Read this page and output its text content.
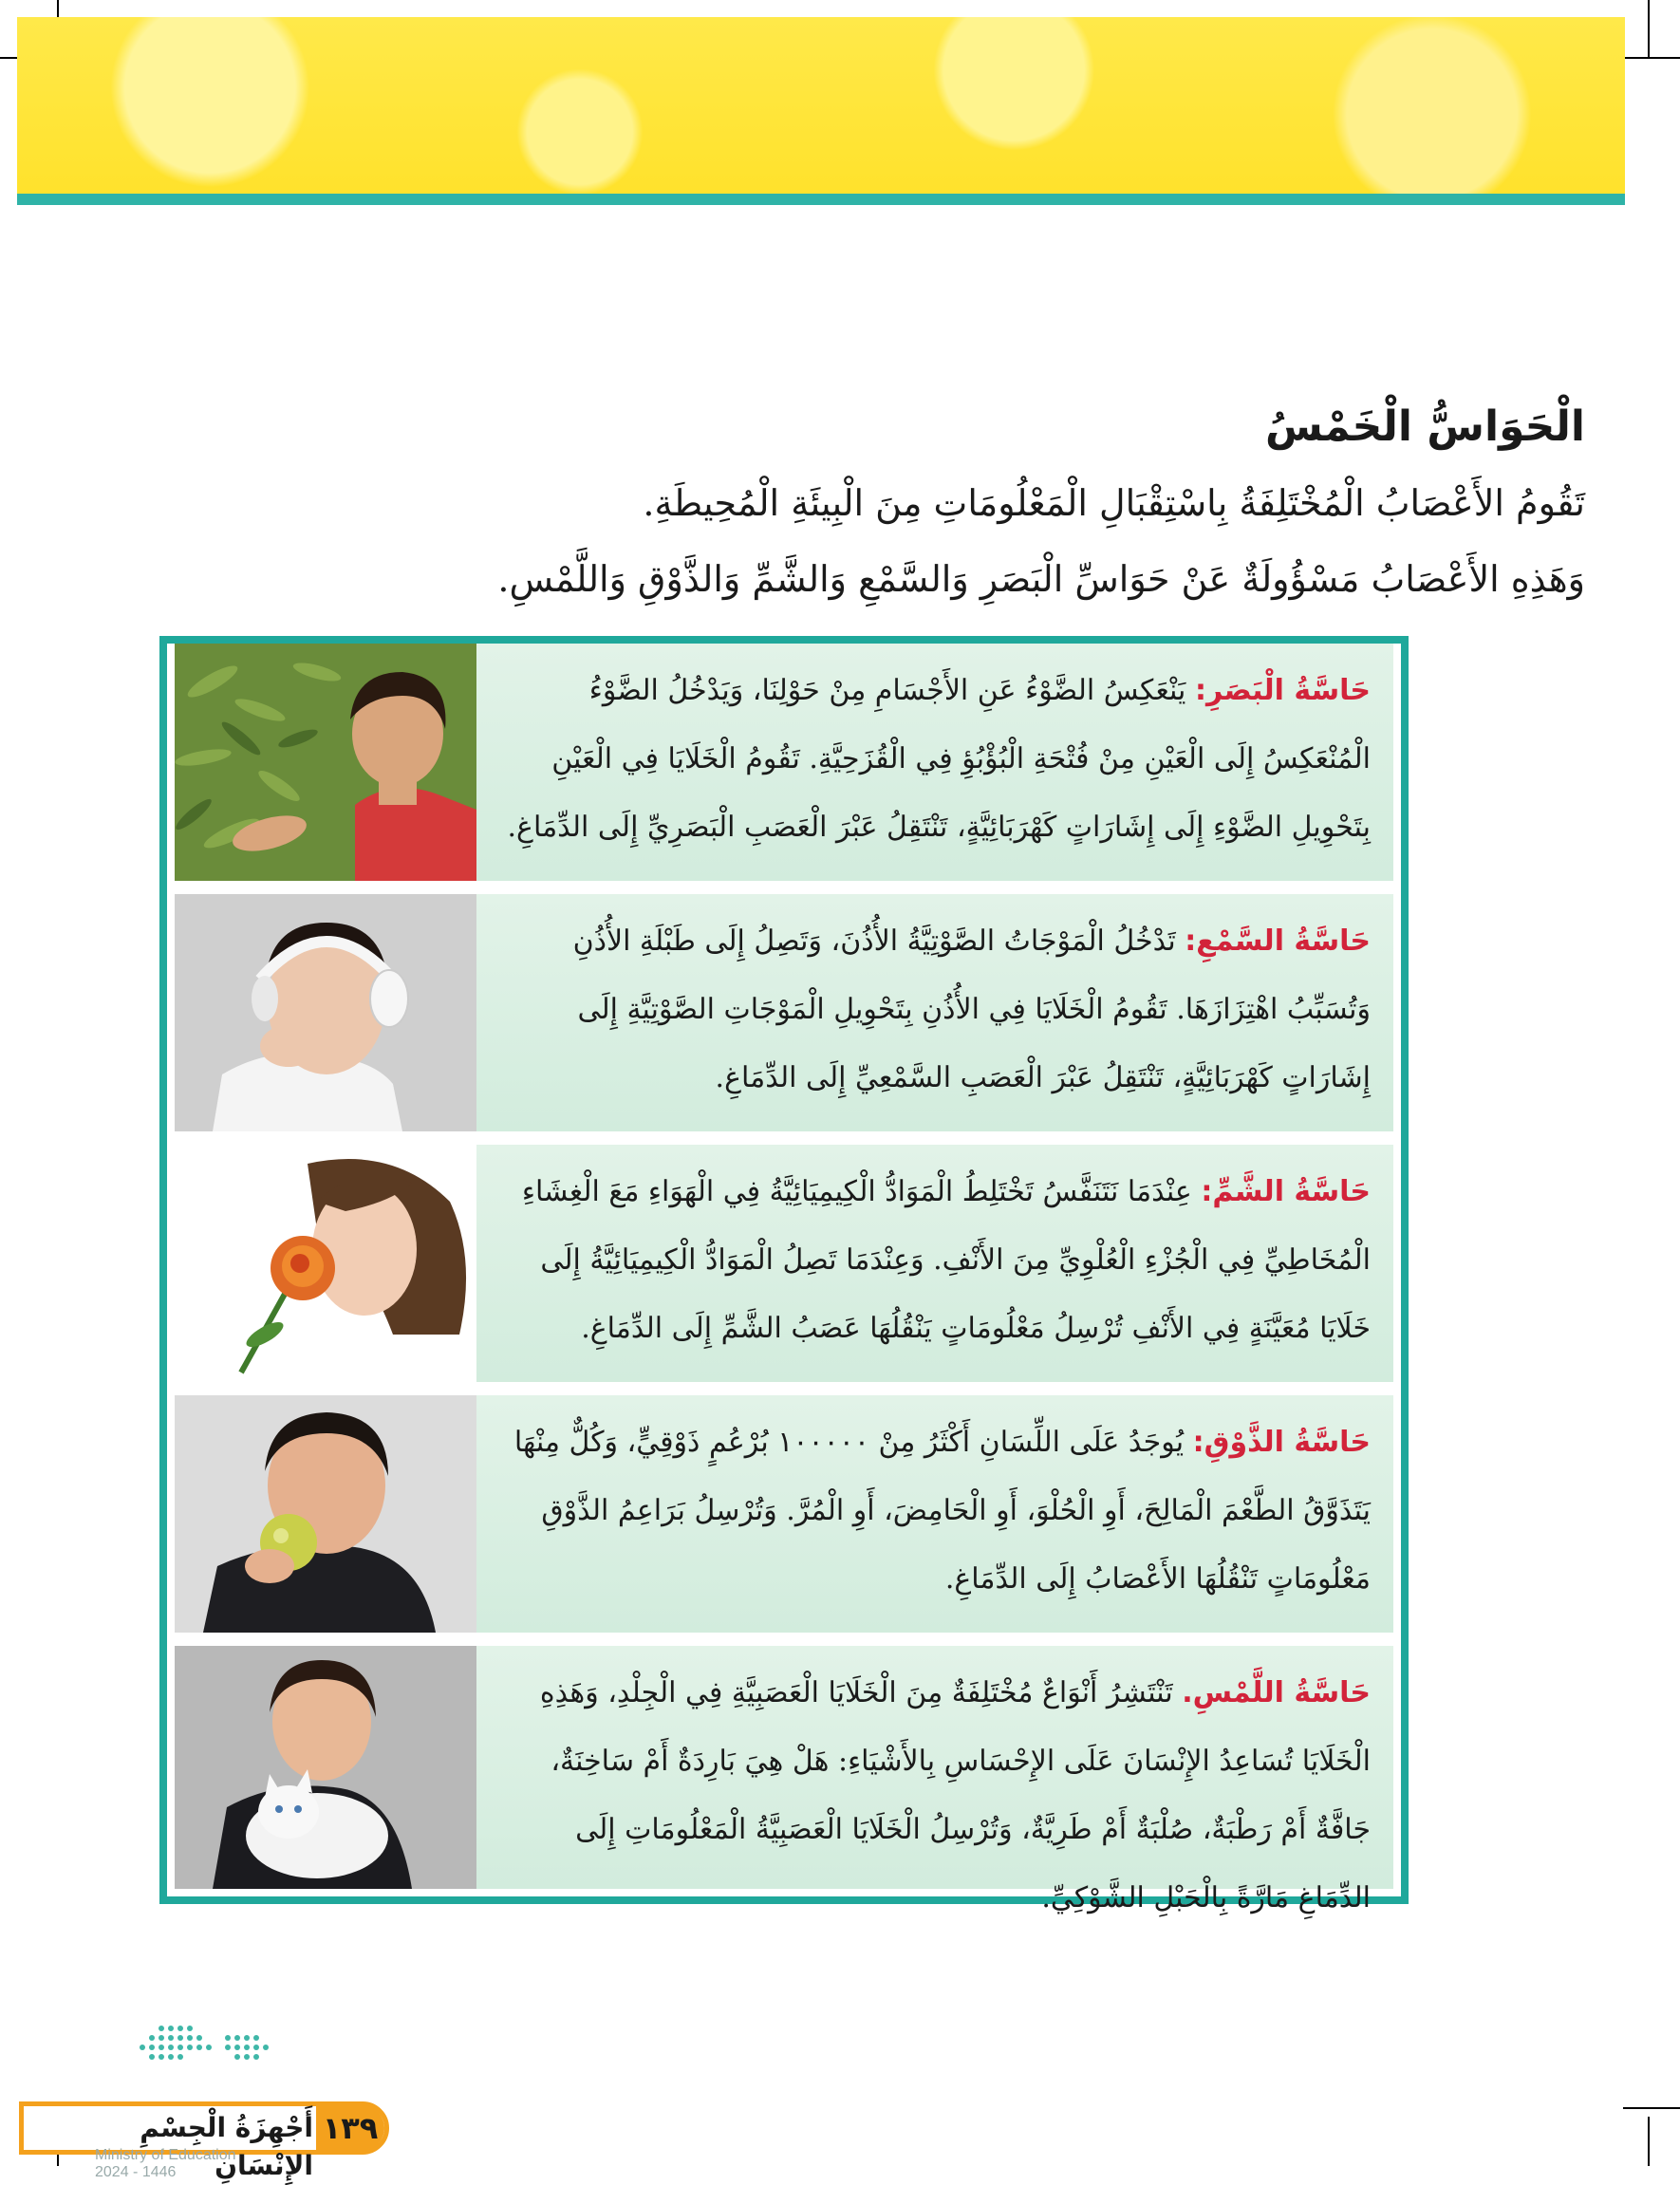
الْحَوَاسُّ الْخَمْسُ

تَقُومُ الأَعْصَابُ الْمُخْتَلِفَةُ بِاسْتِقْبَالِ الْمَعْلُومَاتِ مِنَ الْبِيئَةِ الْمُحِيطَةِ.

وَهَذِهِ الأَعْصَابُ مَسْؤُولَةٌ عَنْ حَوَاسِّ الْبَصَرِ وَالسَّمْعِ وَالشَّمِّ وَالذَّوْقِ وَاللَّمْسِ.

حَاسَّةُ الْبَصَرِ: يَنْعَكِسُ الضَّوْءُ عَنِ الأَجْسَامِ مِنْ حَوْلِنَا، وَيَدْخُلُ الضَّوْءُ الْمُنْعَكِسُ إِلَى الْعَيْنِ مِنْ فُتْحَةِ الْبُؤْبُؤِ فِي الْقُزَحِيَّةِ. تَقُومُ الْخَلَايَا فِي الْعَيْنِ بِتَحْوِيلِ الضَّوْءِ إِلَى إِشَارَاتٍ كَهْرَبَائِيَّةٍ، تَنْتَقِلُ عَبْرَ الْعَصَبِ الْبَصَرِيِّ إِلَى الدِّمَاغِ.
حَاسَّةُ السَّمْعِ: تَدْخُلُ الْمَوْجَاتُ الصَّوْتِيَّةُ الأُذُنَ، وَتَصِلُ إِلَى طَبْلَةِ الأُذُنِ وَتُسَبِّبُ اهْتِزَازَهَا. تَقُومُ الْخَلَايَا فِي الأُذُنِ بِتَحْوِيلِ الْمَوْجَاتِ الصَّوْتِيَّةِ إِلَى إِشَارَاتٍ كَهْرَبَائِيَّةٍ، تَنْتَقِلُ عَبْرَ الْعَصَبِ السَّمْعِيِّ إِلَى الدِّمَاغِ.
حَاسَّةُ الشَّمِّ: عِنْدَمَا نَتَنَفَّسُ تَخْتَلِطُ الْمَوَادُّ الْكِيمِيَائِيَّةُ فِي الْهَوَاءِ مَعَ الْغِشَاءِ الْمُخَاطِيِّ فِي الْجُزْءِ الْعُلْوِيِّ مِنَ الأَنْفِ. وَعِنْدَمَا تَصِلُ الْمَوَادُّ الْكِيمِيَائِيَّةُ إِلَى خَلَايَا مُعَيَّنَةٍ فِي الأَنْفِ تُرْسِلُ مَعْلُومَاتٍ يَنْقُلُهَا عَصَبُ الشَّمِّ إِلَى الدِّمَاغِ.
حَاسَّةُ الذَّوْقِ: يُوجَدُ عَلَى اللِّسَانِ أَكْثَرُ مِنْ ١٠٠٠٠٠ بُرْعُمٍ ذَوْقِيٍّ، وَكُلٌّ مِنْهَا يَتَذَوَّقُ الطَّعْمَ الْمَالِحَ، أَوِ الْحُلْوَ، أَوِ الْحَامِضَ، أَوِ الْمُرَّ. وَتُرْسِلُ بَرَاعِمُ الذَّوْقِ مَعْلُومَاتٍ تَنْقُلُهَا الأَعْصَابُ إِلَى الدِّمَاغِ.
حَاسَّةُ اللَّمْسِ. تَنْتَشِرُ أَنْوَاعٌ مُخْتَلِفَةٌ مِنَ الْخَلَايَا الْعَصَبِيَّةِ فِي الْجِلْدِ، وَهَذِهِ الْخَلَايَا تُسَاعِدُ الإِنْسَانَ عَلَى الإِحْسَاسِ بِالأَشْيَاءِ: هَلْ هِيَ بَارِدَةٌ أَمْ سَاخِنَةٌ، جَافَّةٌ أَمْ رَطْبَةٌ، صُلْبَةٌ أَمْ طَرِيَّةٌ، وَتُرْسِلُ الْخَلَايَا الْعَصَبِيَّةُ الْمَعْلُومَاتِ إِلَى الدِّمَاغِ مَارَّةً بِالْحَبْلِ الشَّوْكِيِّ.
١٣٩
أَجْهِزَةُ الْجِسْمِ الإِنْسَانِ
Ministry of Education
2024 - 1446
